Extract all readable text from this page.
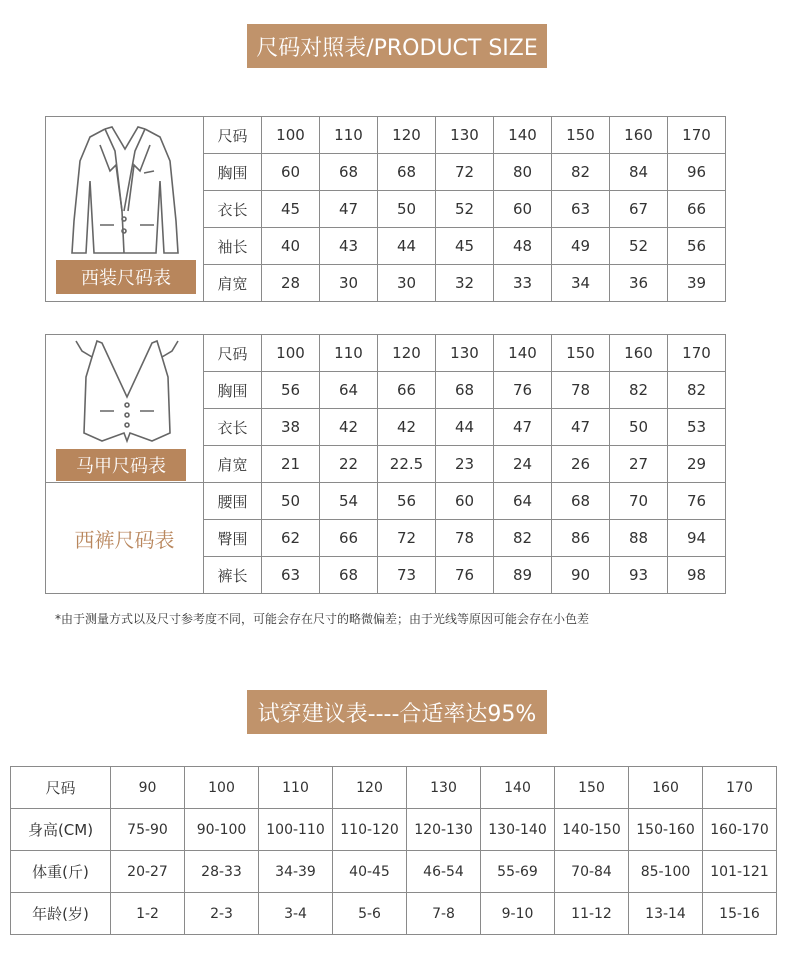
尺码对照表/PRODUCT SIZE
西装尺码表	尺码	100	110	120	130	140	150	160	170
	胸围	60	68	68	72	80	82	84	96
	衣长	45	47	50	52	60	63	67	66
	袖长	40	43	44	45	48	49	52	56
	肩宽	28	30	30	32	33	34	36	39
马甲尺码表	尺码	100	110	120	130	140	150	160	170
	胸围	56	64	66	68	76	78	82	82
	衣长	38	42	42	44	47	47	50	53
	肩宽	21	22	22.5	23	24	26	27	29
西裤尺码表	腰围	50	54	56	60	64	68	70	76
	臀围	62	66	72	78	82	86	88	94
	裤长	63	68	73	76	89	90	93	98
*由于测量方式以及尺寸参考度不同，可能会存在尺寸的略微偏差；由于光线等原因可能会存在小色差
试穿建议表----合适率达95%
尺码	90	100	110	120	130	140	150	160	170
身高(CM)	75-90	90-100	100-110	110-120	120-130	130-140	140-150	150-160	160-170
体重(斤)	20-27	28-33	34-39	40-45	46-54	55-69	70-84	85-100	101-121
年龄(岁)	1-2	2-3	3-4	5-6	7-8	9-10	11-12	13-14	15-16
